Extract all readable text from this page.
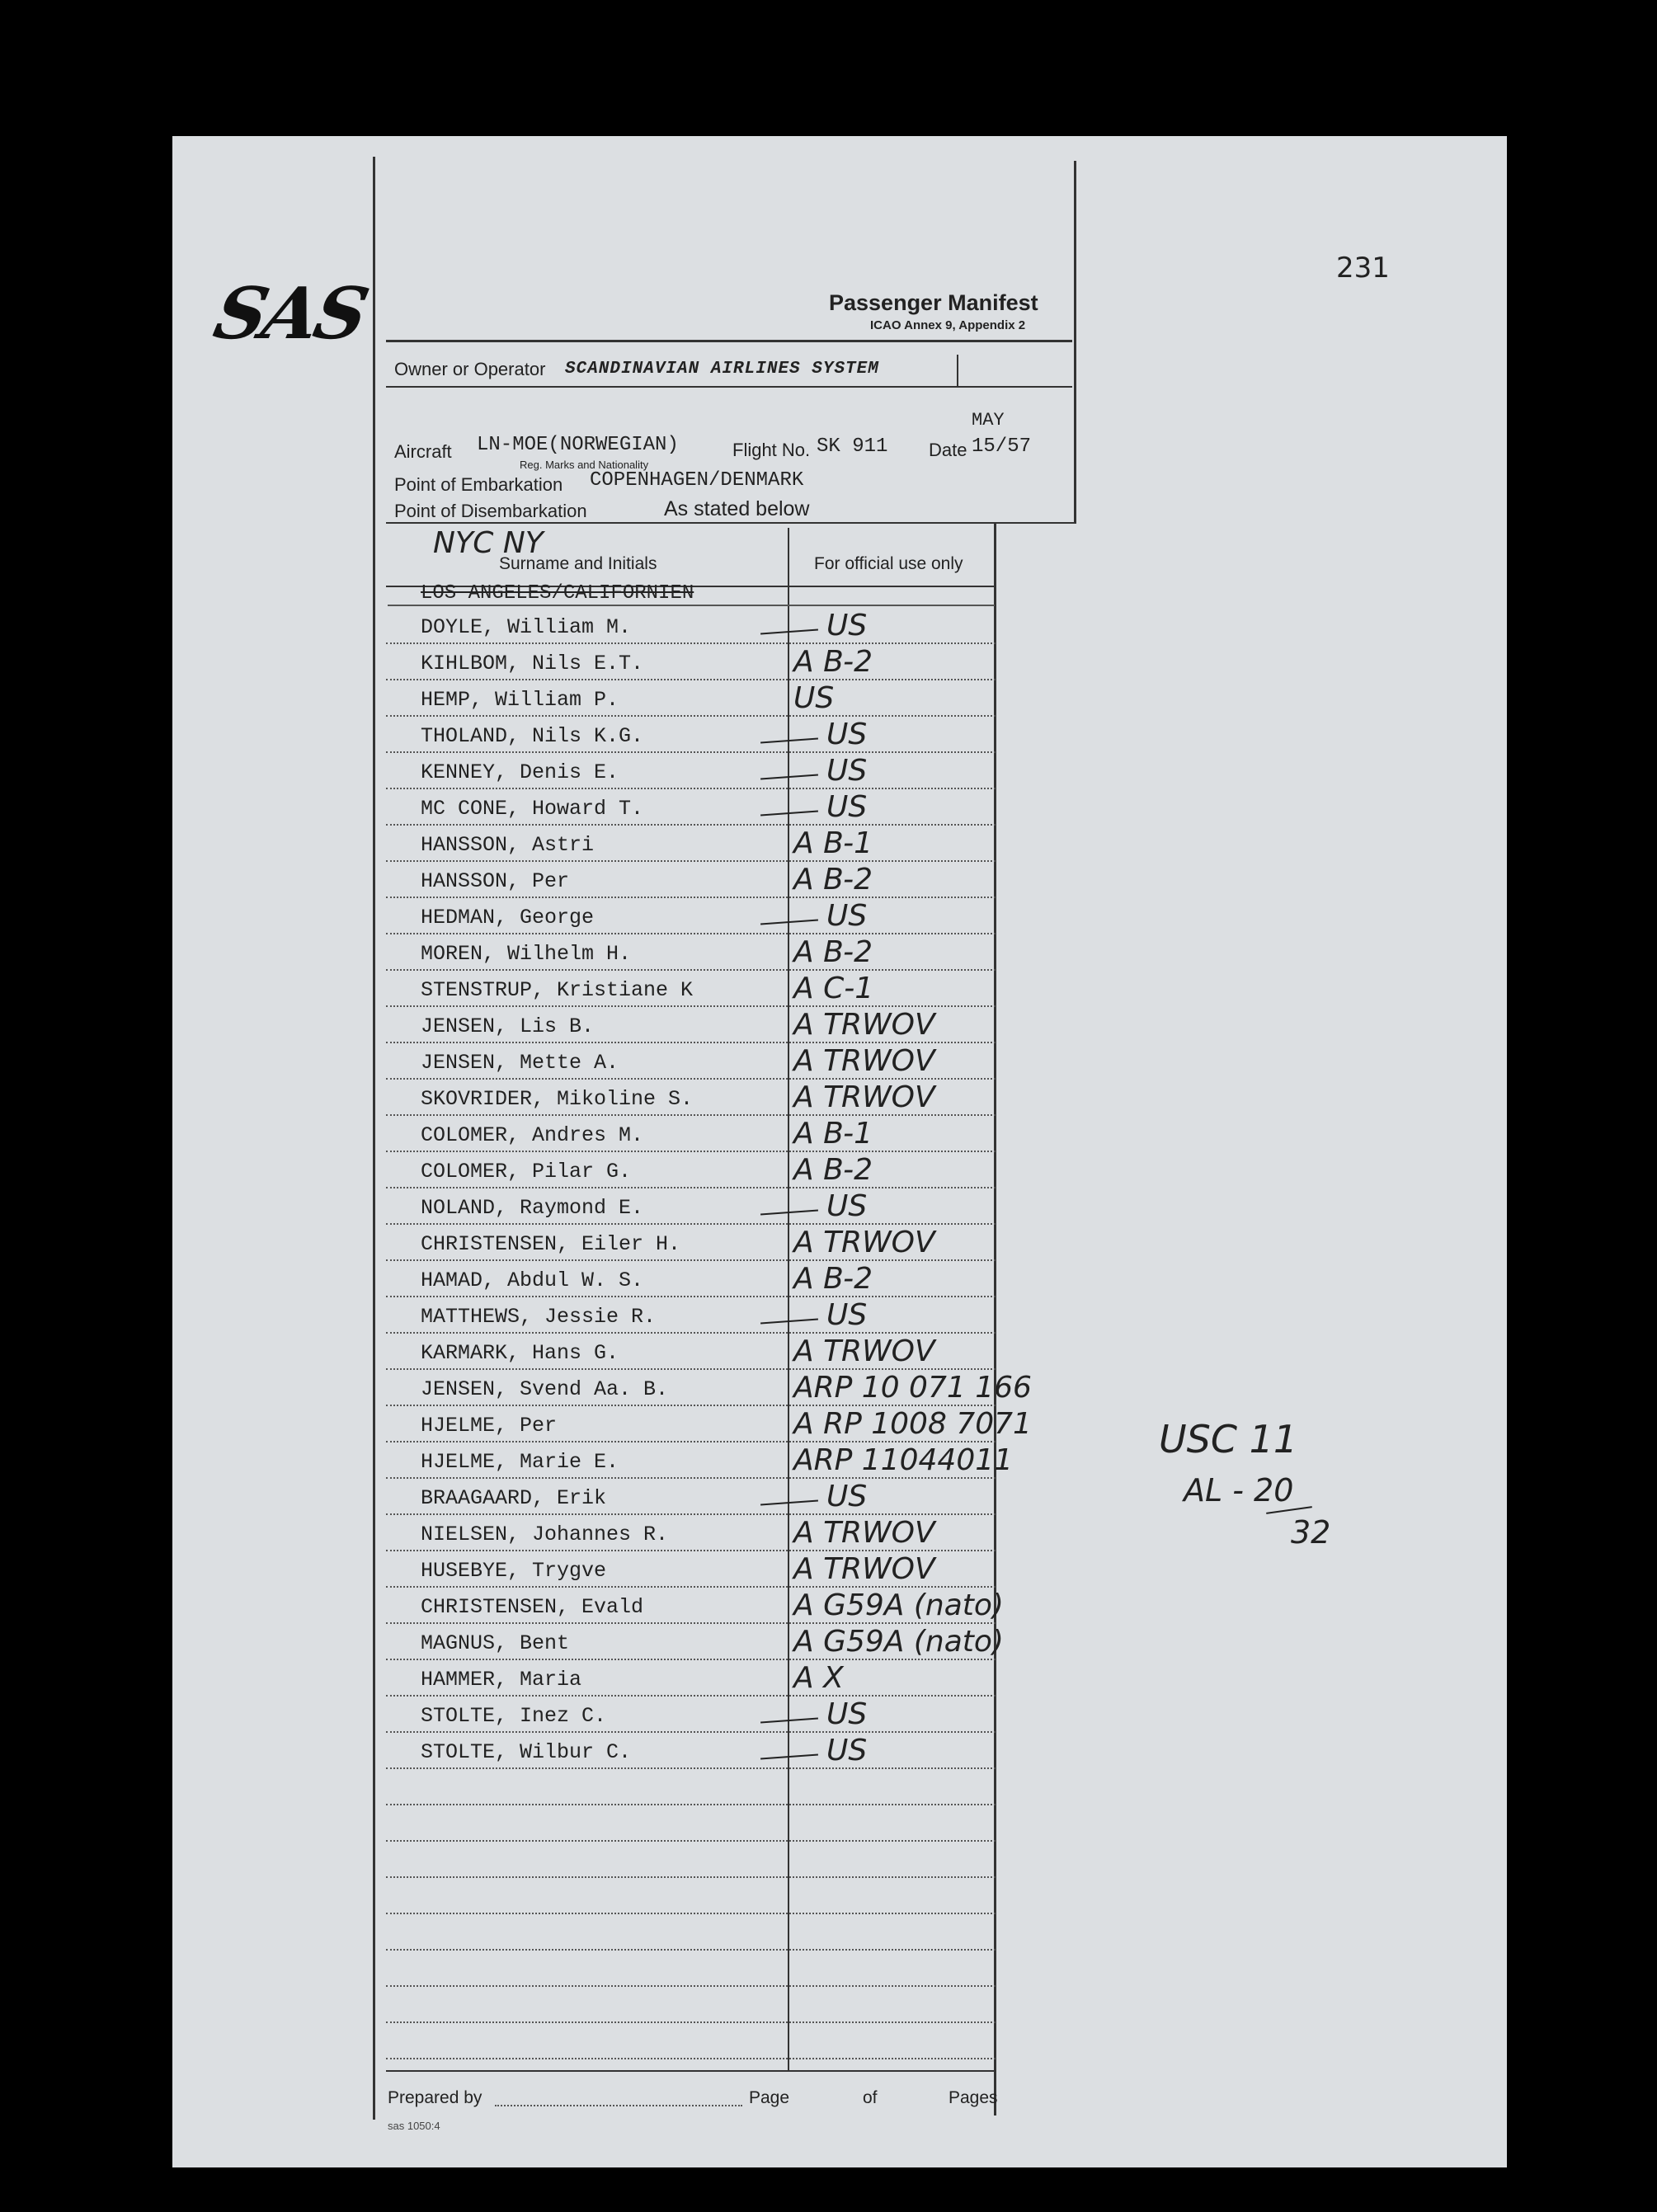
231
SAS	Passenger Manifest
ICAO Annex 9, Appendix 2
Owner or Operator SCANDINAVIAN AIRLINES SYSTEM
Aircraft LN-MOE(NORWEGIAN)
Reg. Marks and Nationality
Flight No. SK 911 Date
MAY
15/57
Point of Embarkation COPENHAGEN/DENMARK
Point of Disembarkation	As stated below
NYC NY
Surname and Initials	For official use only
LOS ANGELES/CALIFORNIEN
DOYLE, William M.	US
KIHLBOM, Nils E.T.	A B-2
HEMP, William P.	US
THOLAND, Nils K.G.	US
KENNEY, Denis E.	US
MC CONE, Howard T.	US
HANSSON, Astri	A B-1
HANSSON, Per	A B-2
HEDMAN, George	US
MOREN, Wilhelm H.	A B-2
STENSTRUP, Kristiane K	A C-1
JENSEN, Lis B.	A TRWOV
JENSEN, Mette A.	A TRWOV
SKOVRIDER, Mikoline S.	A TRWOV
COLOMER, Andres M.	A B-1
COLOMER, Pilar G.	A B-2
NOLAND, Raymond E.	US
CHRISTENSEN, Eiler H.	A TRWOV
HAMAD, Abdul W. S.	A B-2
MATTHEWS, Jessie R.	US
KARMARK, Hans G.	A TRWOV
JENSEN, Svend Aa. B.	ARP 10 071 166
HJELME, Per	A RP 1008 7071
HJELME, Marie E.	ARP 11044011
BRAAGAARD, Erik	US
NIELSEN, Johannes R.	A TRWOV
HUSEBYE, Trygve	A TRWOV
CHRISTENSEN, Evald	A G59A (nato)
MAGNUS, Bent	A G59A (nato)
HAMMER, Maria	A X
STOLTE, Inez C.	US
STOLTE, Wilbur C.	US
Prepared by	Page	of	Pages
sas 1050:4
USC 11
AL - 20
32
